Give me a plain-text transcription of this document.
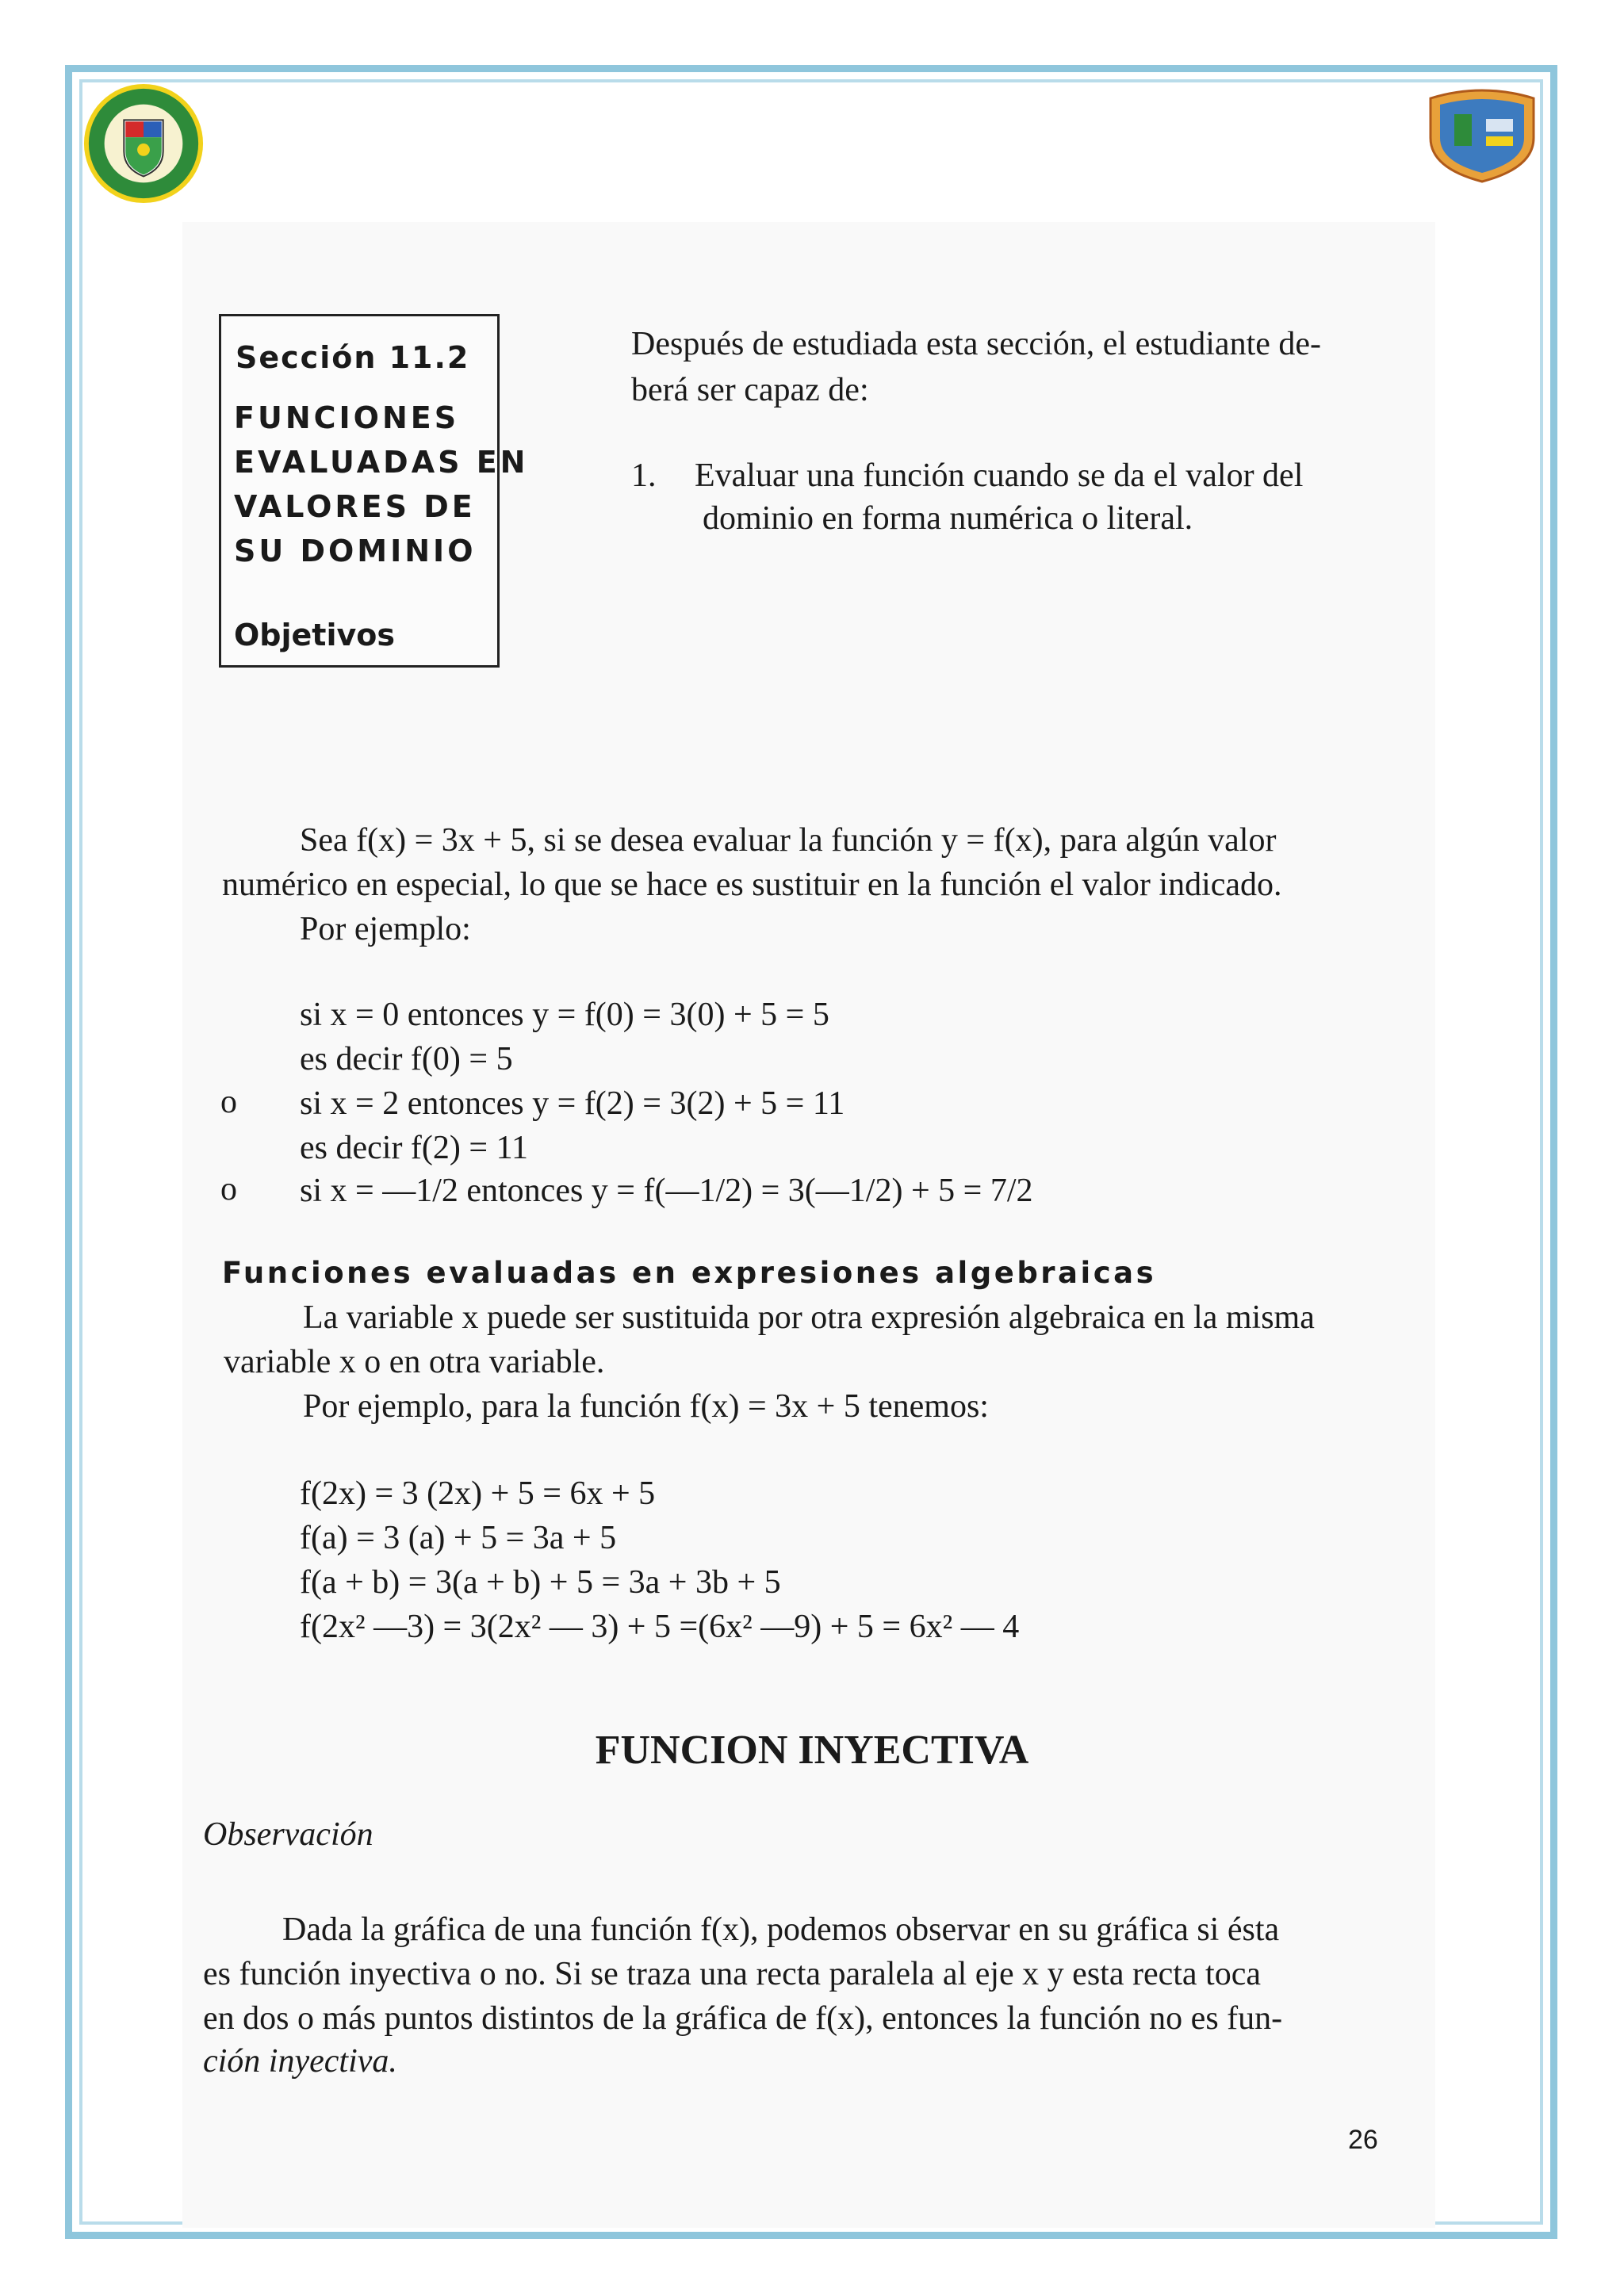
Sección 11.2
FUNCIONES
EVALUADAS EN
VALORES DE
SU DOMINIO
Objetivos
Después de estudiada esta sección, el estudiante de-
berá ser capaz de:
1. Evaluar una función cuando se da el valor del
dominio en forma numérica o literal.
Sea f(x) = 3x + 5, si se desea evaluar la función y = f(x), para algún valor
numérico en especial, lo que se hace es sustituir en la función el valor indicado.
Por ejemplo:
si x = 0 entonces y = f(0) = 3(0) + 5 = 5
es decir f(0) = 5
o si x = 2 entonces y = f(2) = 3(2) + 5 = 11
es decir f(2) = 11
o si x = —1/2 entonces y = f(—1/2) = 3(—1/2) + 5 = 7/2
Funciones evaluadas en expresiones algebraicas
La variable x puede ser sustituida por otra expresión algebraica en la misma
variable x o en otra variable.
Por ejemplo, para la función f(x) = 3x + 5 tenemos:
f(2x) = 3 (2x) + 5 = 6x + 5
f(a) = 3 (a) + 5 = 3a + 5
f(a + b) = 3(a + b) + 5 = 3a + 3b + 5
f(2x² —3) = 3(2x² — 3) + 5 =(6x² —9) + 5 = 6x² — 4
FUNCION INYECTIVA
Observación
Dada la gráfica de una función f(x), podemos observar en su gráfica si ésta
es función inyectiva o no. Si se traza una recta paralela al eje x y esta recta toca
en dos o más puntos distintos de la gráfica de f(x), entonces la función no es fun-
ción inyectiva.
26
